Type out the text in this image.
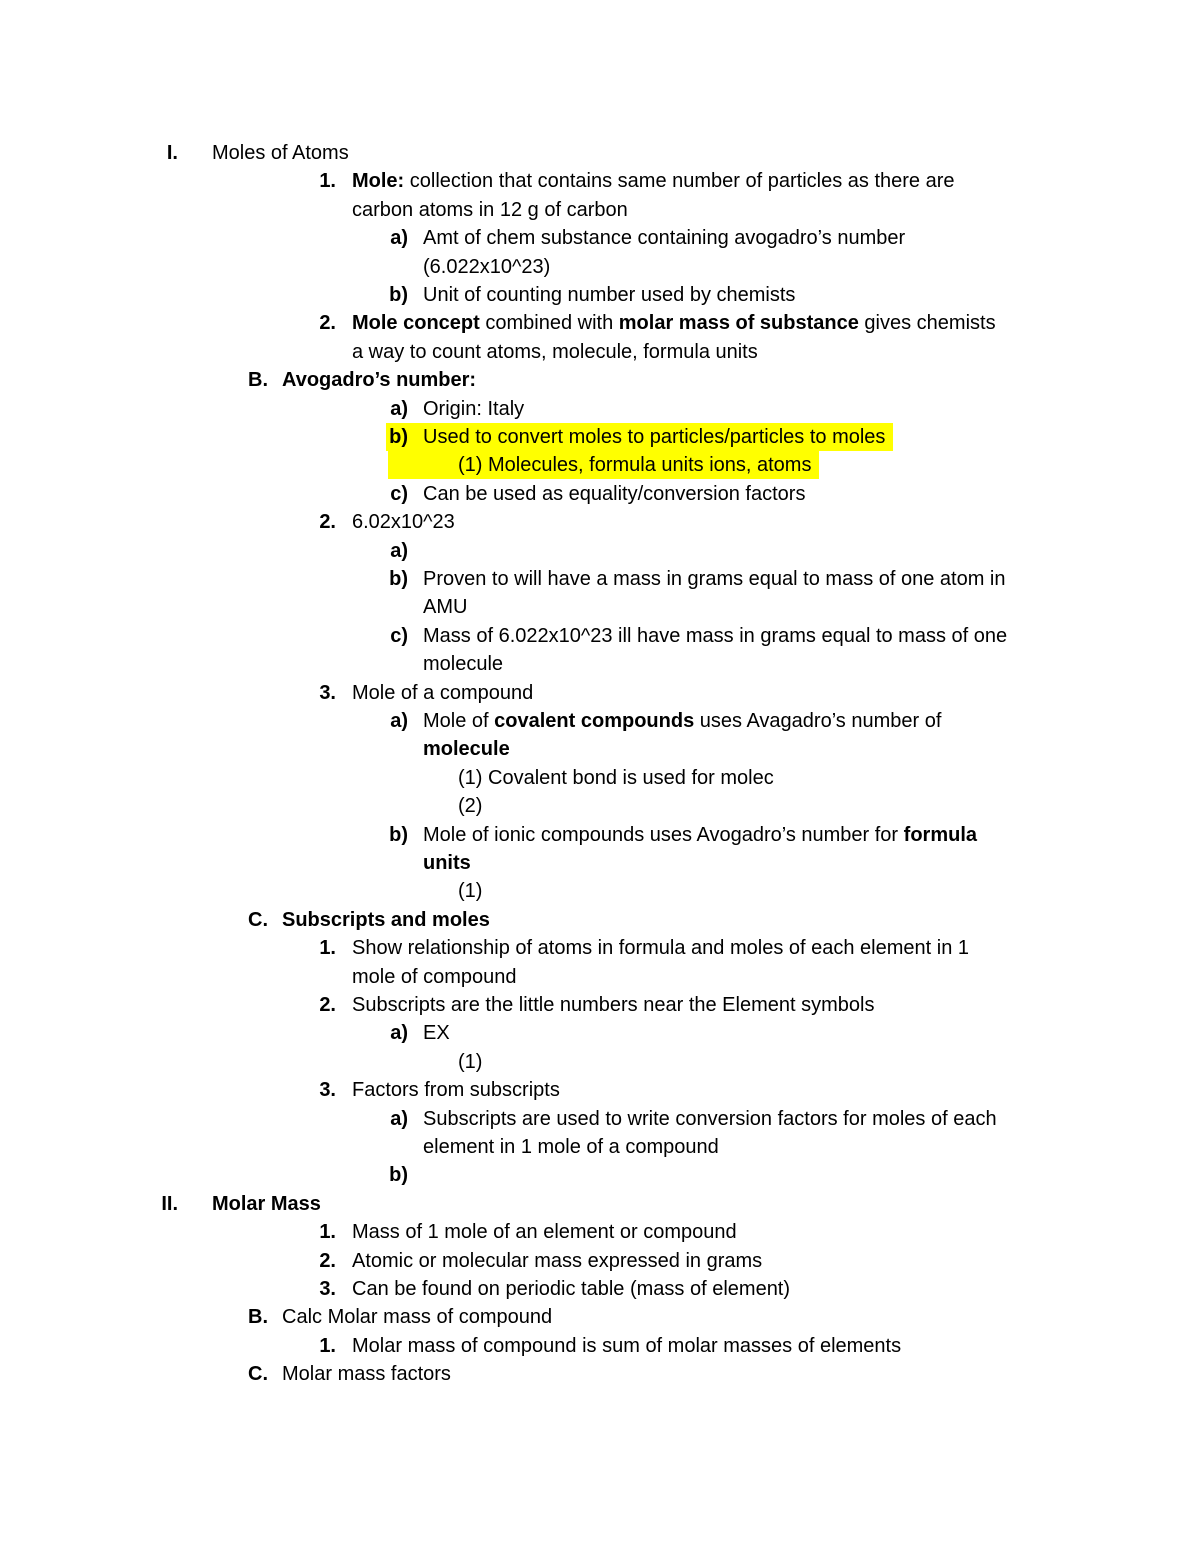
I. Moles of Atoms
1. Mole: collection that contains same number of particles as there are
carbon atoms in 12 g of carbon
a) Amt of chem substance containing avogadro’s number
(6.022x10^23)
b) Unit of counting number used by chemists
2. Mole concept combined with molar mass of substance gives chemists
a way to count atoms, molecule, formula units
B. Avogadro’s number:
a) Origin: Italy
b) Used to convert moles to particles/particles to moles
(1) Molecules, formula units ions, atoms
c) Can be used as equality/conversion factors
2. 6.02x10^23
a)
b) Proven to will have a mass in grams equal to mass of one atom in
AMU
c) Mass of 6.022x10^23 ill have mass in grams equal to mass of one
molecule
3. Mole of a compound
a) Mole of covalent compounds uses Avagadro’s number of
molecule
(1) Covalent bond is used for molec
(2)
b) Mole of ionic compounds uses Avogadro’s number for formula
units
(1)
C. Subscripts and moles
1. Show relationship of atoms in formula and moles of each element in 1
mole of compound
2. Subscripts are the little numbers near the Element symbols
a) EX
(1)
3. Factors from subscripts
a) Subscripts are used to write conversion factors for moles of each
element in 1 mole of a compound
b)
II. Molar Mass
1. Mass of 1 mole of an element or compound
2. Atomic or molecular mass expressed in grams
3. Can be found on periodic table (mass of element)
B. Calc Molar mass of compound
1. Molar mass of compound is sum of molar masses of elements
C. Molar mass factors
